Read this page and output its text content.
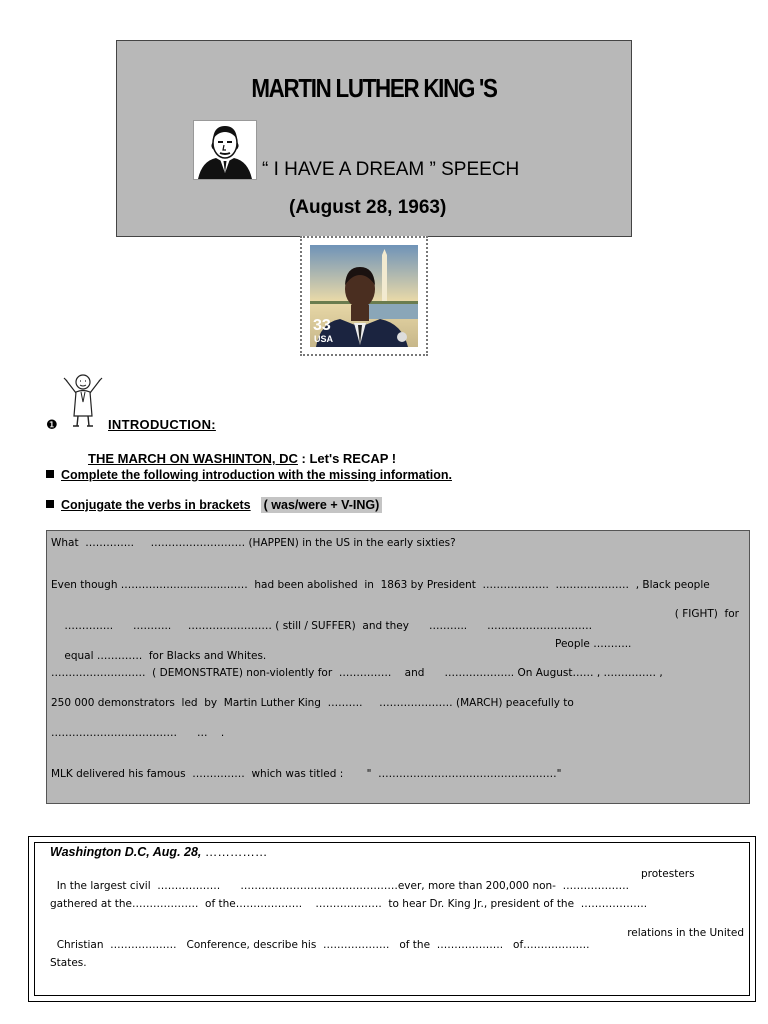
MARTIN LUTHER KING 'S
“ I HAVE A DREAM ” SPEECH
(August 28, 1963)
33
USA
❶	INTRODUCTION:
THE MARCH ON WASHINTON, DC : Let's RECAP !
Complete the following introduction with the missing information.
Conjugate the verbs in brackets ( was/were + V-ING)
What  …………..     ……………………… (HAPPEN) in the US in the early sixties?
Even though ……………................……  had been abolished  in  1863 by President  ……………….  …………………  , Black people

…………..      ………..     …………………… ( still / SUFFER)  and they      ………..      …………………………
( FIGHT)  for

equal ………….  for Blacks and Whites.
People ………..

………………………  ( DEMONSTRATE) non-violently for  ……………    and      ……………….. On August…… , …………… ,
250 000 demonstrators  led  by  Martin Luther King  ……….     ………………… (MARCH) peacefully to
………………………………      …    .
MLK delivered his famous  ……………  which was titled :       "  ……………………………………………"
Washington D.C, Aug. 28, ……………

In the largest civil  ………………      ………………………………………ever, more than 200,000 non-  ……………….
protesters

gathered at the……………….  of the……………….    ……………….  to hear Dr. King Jr., president of the  ……………….

Christian  ……………….   Conference, describe his  ……………….   of the  ……………….   of……………….
relations in the United

States.
